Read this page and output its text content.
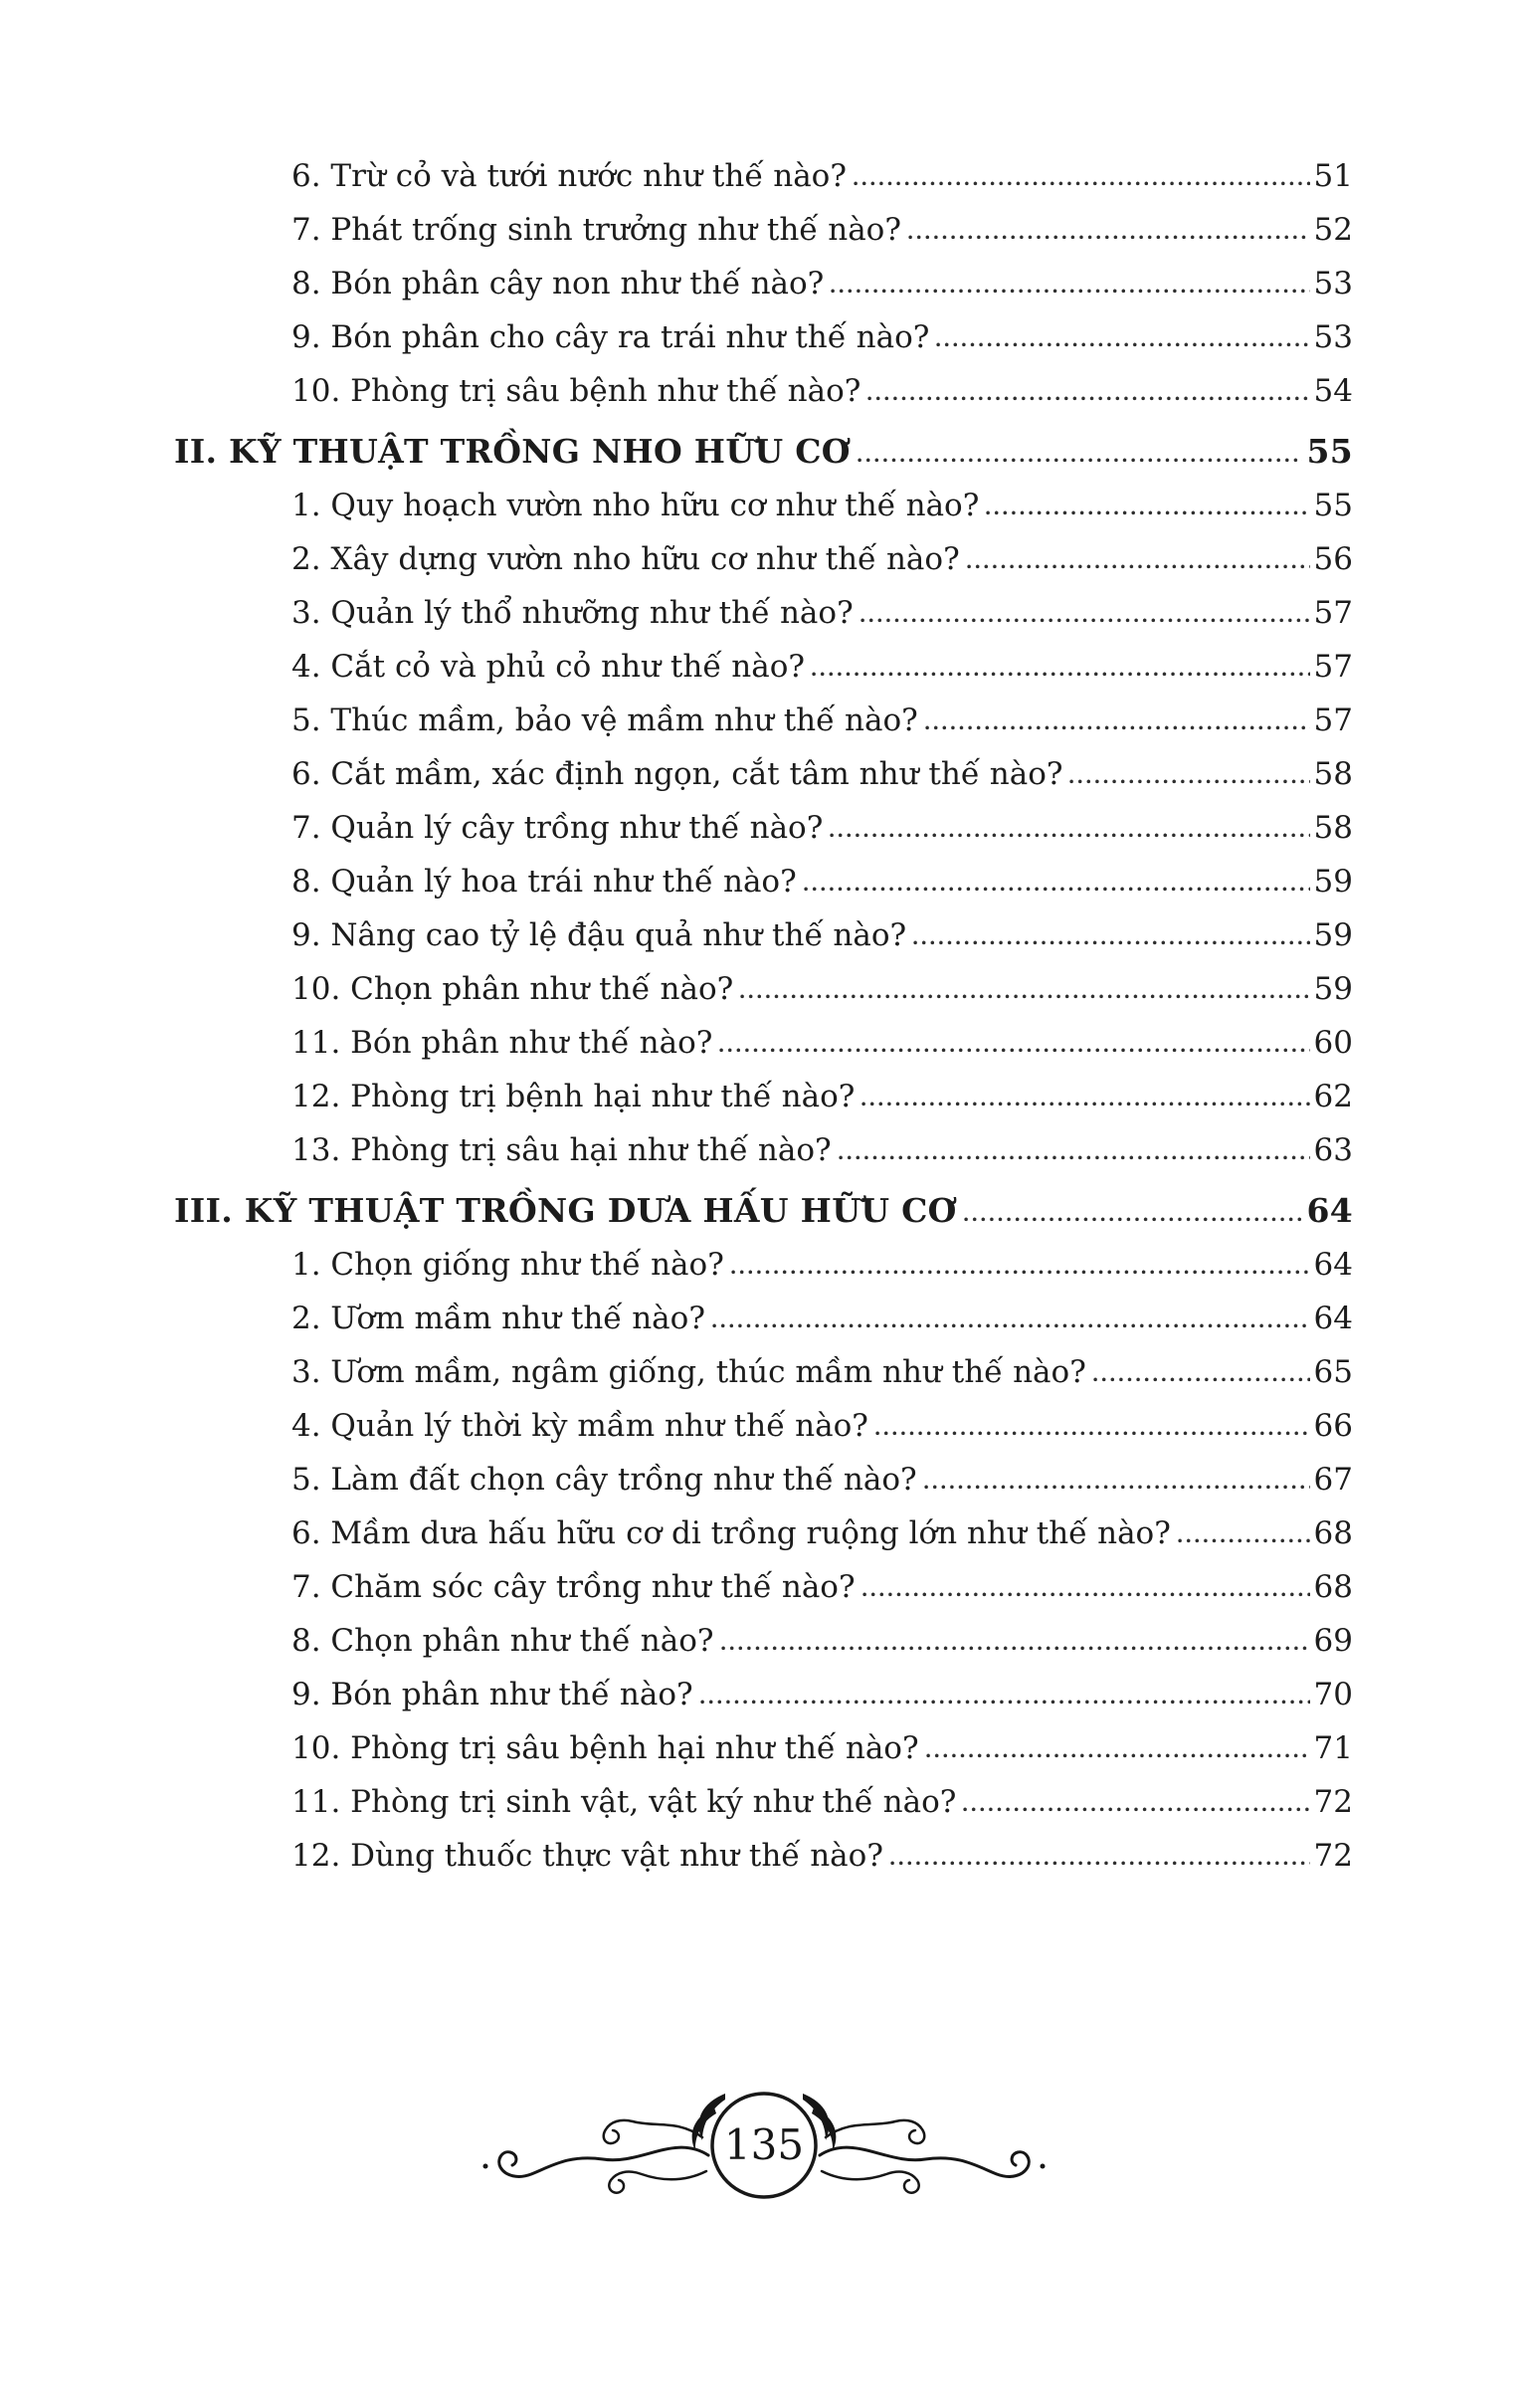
6. Trừ cỏ và tưới nước như thế nào?	51
7. Phát trống sinh trưởng như thế nào?	52
8. Bón phân cây non như thế nào?	53
9. Bón phân cho cây ra trái như thế nào?	53
10. Phòng trị sâu bệnh như thế nào?	54
II. KỸ THUẬT TRỒNG NHO HỮU CƠ	55
1. Quy hoạch vườn nho hữu cơ như thế nào?	55
2. Xây dựng vườn nho hữu cơ như thế nào?	56
3. Quản lý thổ nhưỡng như thế nào?	57
4. Cắt cỏ và phủ cỏ như thế nào?	57
5. Thúc mầm, bảo vệ mầm như thế nào?	57
6. Cắt mầm, xác định ngọn, cắt tâm như thế nào?	58
7. Quản lý cây trồng như thế nào?	58
8. Quản lý hoa trái như thế nào?	59
9. Nâng cao tỷ lệ đậu quả như thế nào?	59
10. Chọn phân như thế nào?	59
11. Bón phân như thế nào?	60
12. Phòng trị bệnh hại như thế nào?	62
13. Phòng trị sâu hại như thế nào?	63
III. KỸ THUẬT TRỒNG DƯA HẤU HỮU CƠ	64
1. Chọn giống như thế nào?	64
2. Ươm mầm như thế nào?	64
3. Ươm mầm, ngâm giống, thúc mầm như thế nào?	65
4. Quản lý thời kỳ mầm như thế nào?	66
5. Làm đất chọn cây trồng như thế nào?	67
6. Mầm dưa hấu hữu cơ di trồng ruộng lớn như thế nào?	68
7. Chăm sóc cây trồng như thế nào?	68
8. Chọn phân như thế nào?	69
9. Bón phân như thế nào?	70
10. Phòng trị sâu bệnh hại như thế nào?	71
11. Phòng trị sinh vật, vật ký như thế nào?	72
12. Dùng thuốc thực vật như thế nào?	72
135
